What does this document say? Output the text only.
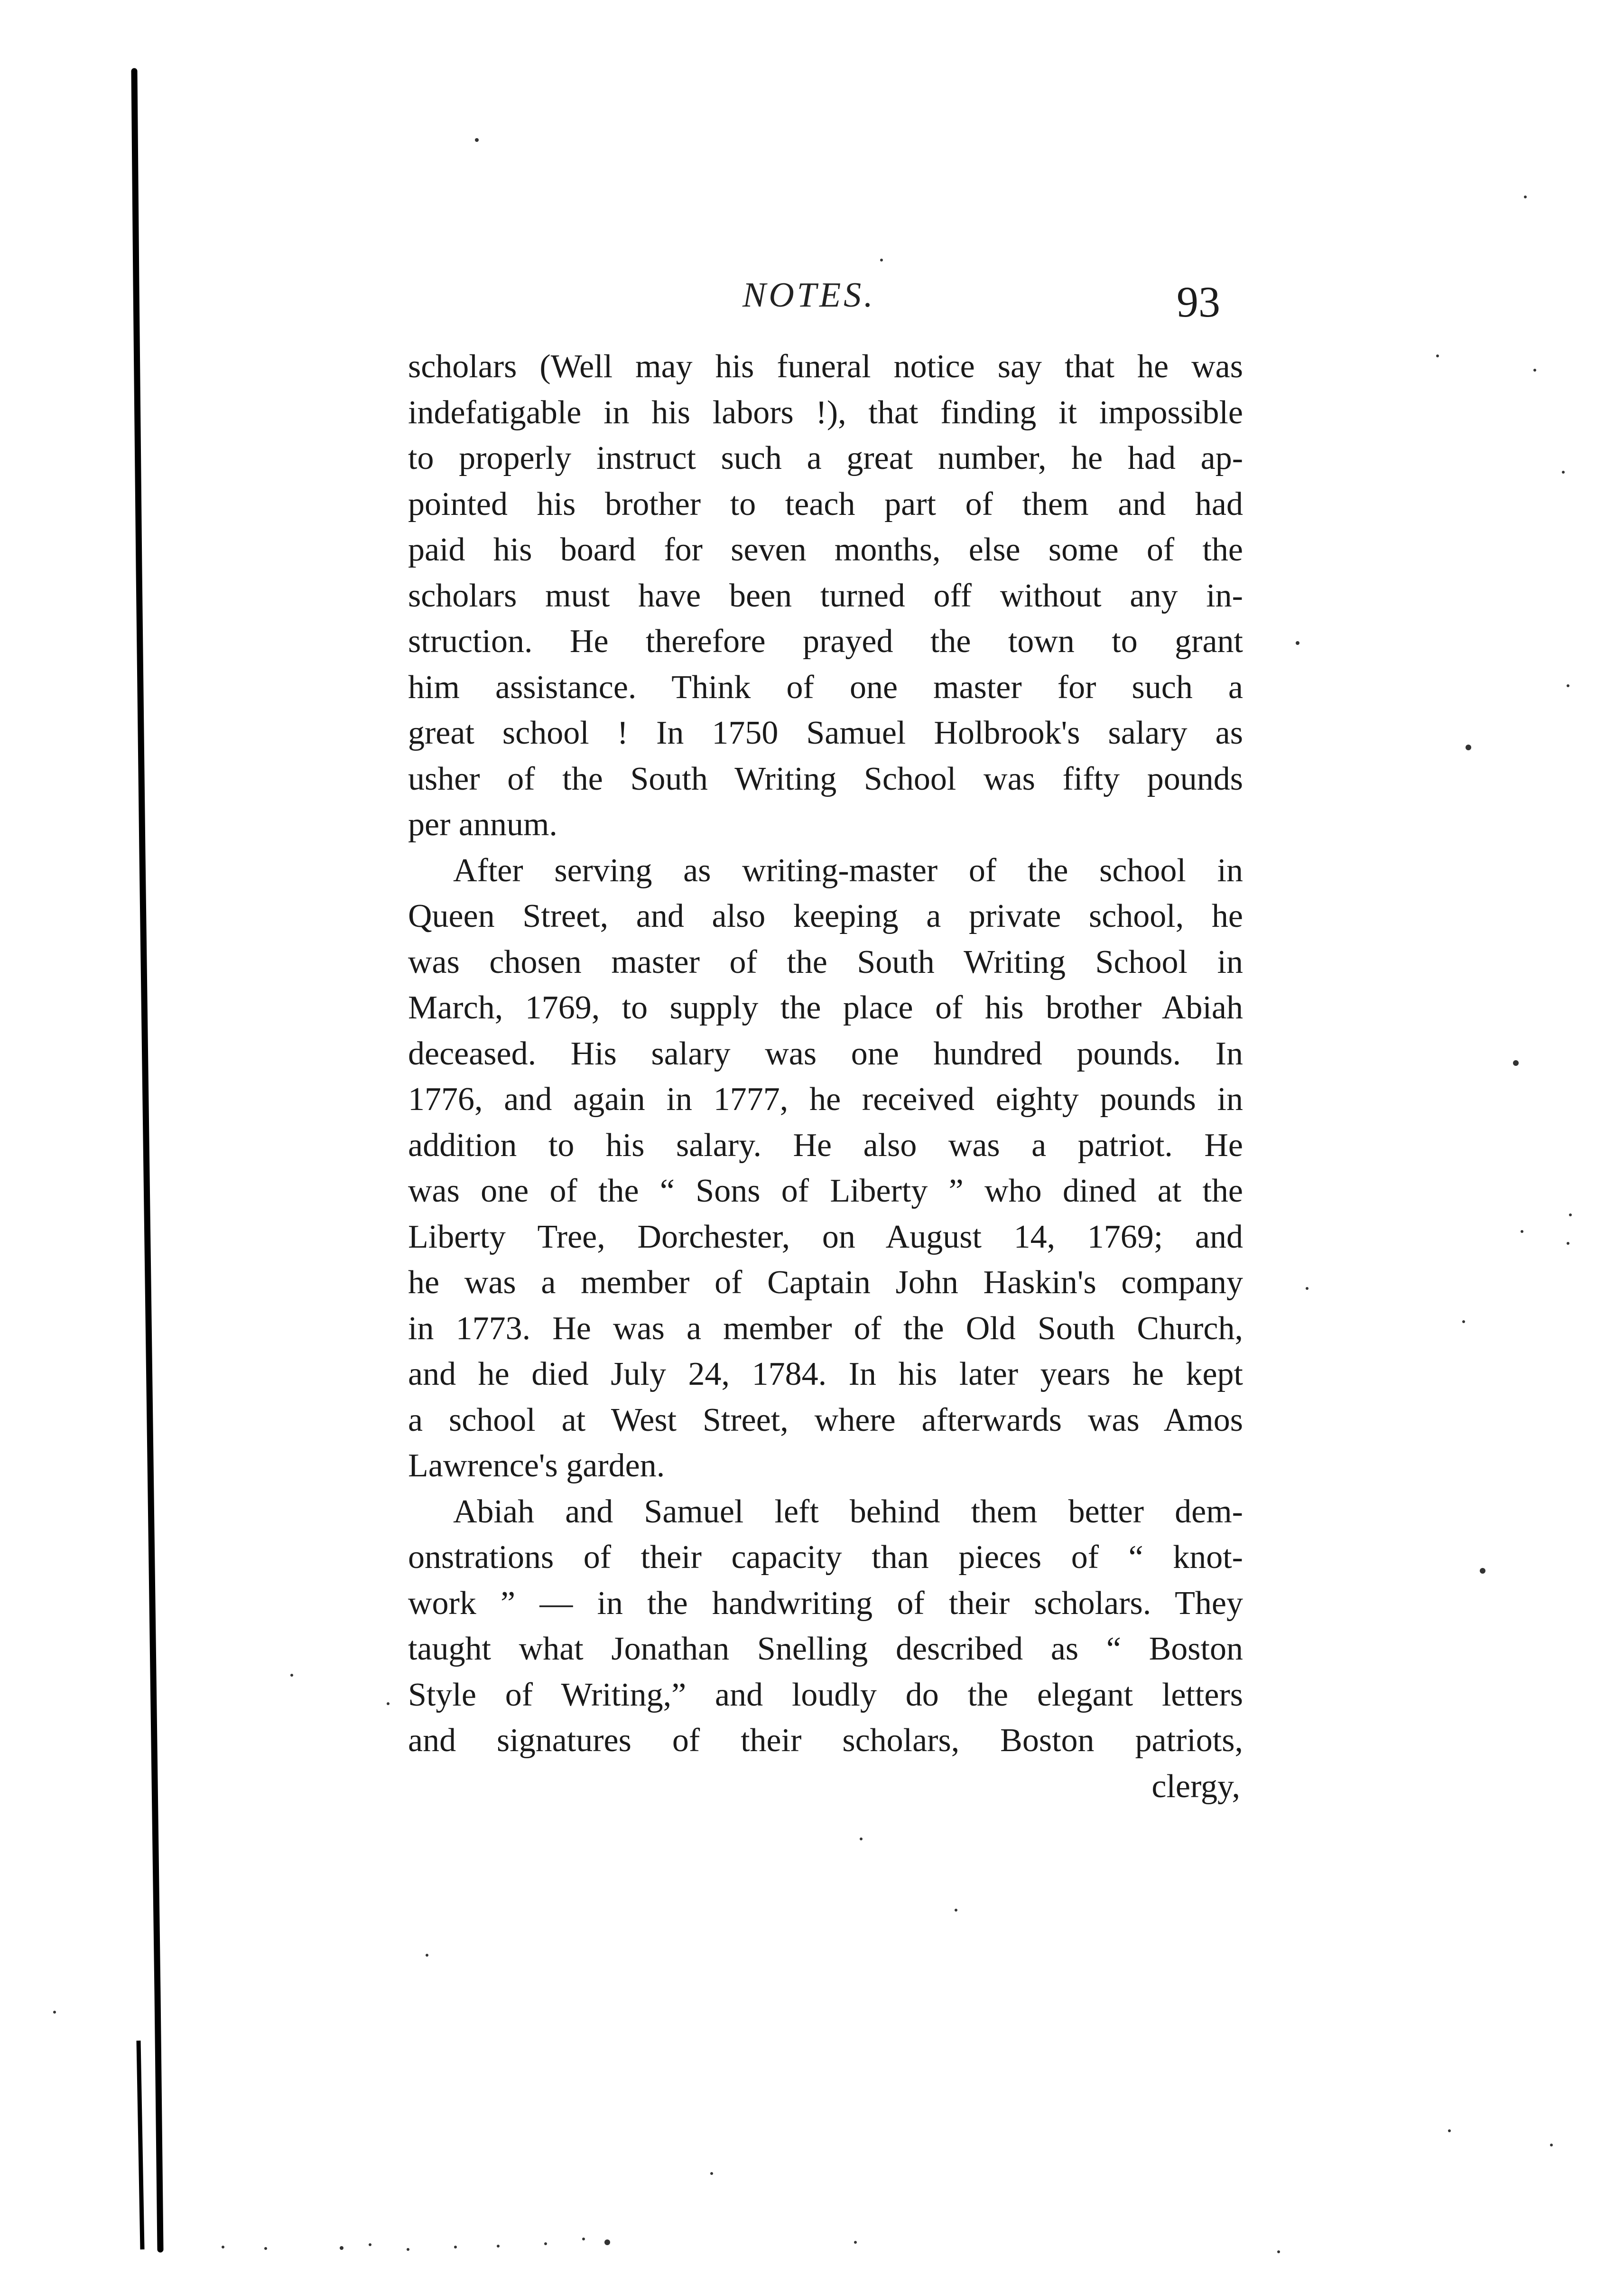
NOTES.	93

scholars (Well may his funeral notice say that he was
indefatigable in his labors !), that finding it impossible
to properly instruct such a great number, he had ap-
pointed his brother to teach part of them and had
paid his board for seven months, else some of the
scholars must have been turned off without any in-
struction. He therefore prayed the town to grant
him assistance. Think of one master for such a
great school ! In 1750 Samuel Holbrook's salary as
usher of the South Writing School was fifty pounds
per annum.

After serving as writing-master of the school in
Queen Street, and also keeping a private school, he
was chosen master of the South Writing School in
March, 1769, to supply the place of his brother Abiah
deceased. His salary was one hundred pounds. In
1776, and again in 1777, he received eighty pounds in
addition to his salary. He also was a patriot. He
was one of the “ Sons of Liberty ” who dined at the
Liberty Tree, Dorchester, on August 14, 1769; and
he was a member of Captain John Haskin's company
in 1773. He was a member of the Old South Church,
and he died July 24, 1784. In his later years he kept
a school at West Street, where afterwards was Amos
Lawrence's garden.

Abiah and Samuel left behind them better dem-
onstrations of their capacity than pieces of “ knot-
work ” — in the handwriting of their scholars. They
taught what Jonathan Snelling described as “ Boston
Style of Writing,” and loudly do the elegant letters
and signatures of their scholars, Boston patriots,

clergy,
